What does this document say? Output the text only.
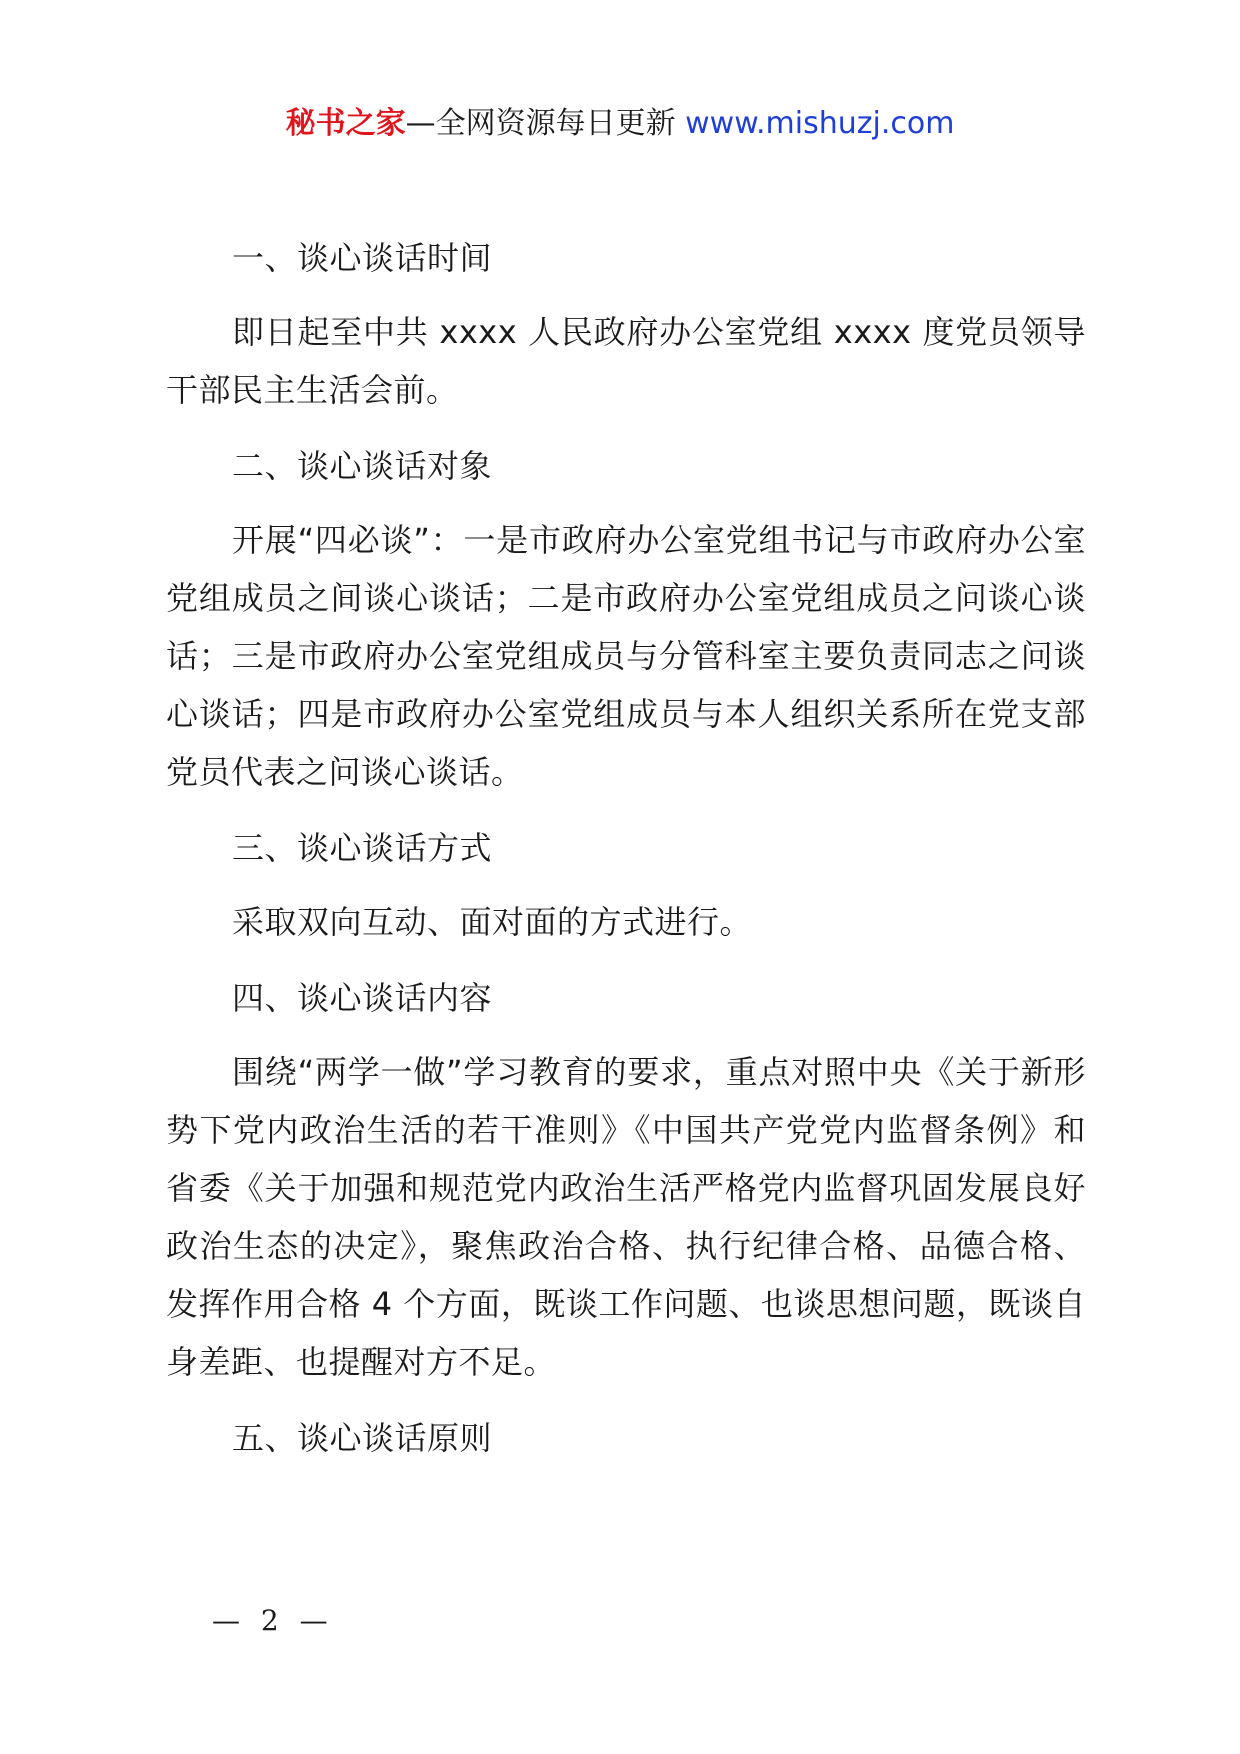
秘书之家—全网资源每日更新 www.mishuzj.com

一、谈心谈话时间

即日起至中共 xxxx 人民政府办公室党组 xxxx 度党员领导干部民主生活会前。

二、谈心谈话对象

开展“四必谈”：一是市政府办公室党组书记与市政府办公室党组成员之间谈心谈话；二是市政府办公室党组成员之问谈心谈话；三是市政府办公室党组成员与分管科室主要负责同志之问谈心谈话；四是市政府办公室党组成员与本人组织关系所在党支部党员代表之问谈心谈话。

三、谈心谈话方式

采取双向互动、面对面的方式进行。

四、谈心谈话内容

围绕“两学一做”学习教育的要求，重点对照中央《关于新形势下党内政治生活的若干准则》《中国共产党党内监督条例》和省委《关于加强和规范党内政治生活严格党内监督巩固发展良好政治生态的决定》，聚焦政治合格、执行纪律合格、品德合格、发挥作用合格 4 个方面，既谈工作问题、也谈思想问题，既谈自身差距、也提醒对方不足。

五、谈心谈话原则

— 2 —
